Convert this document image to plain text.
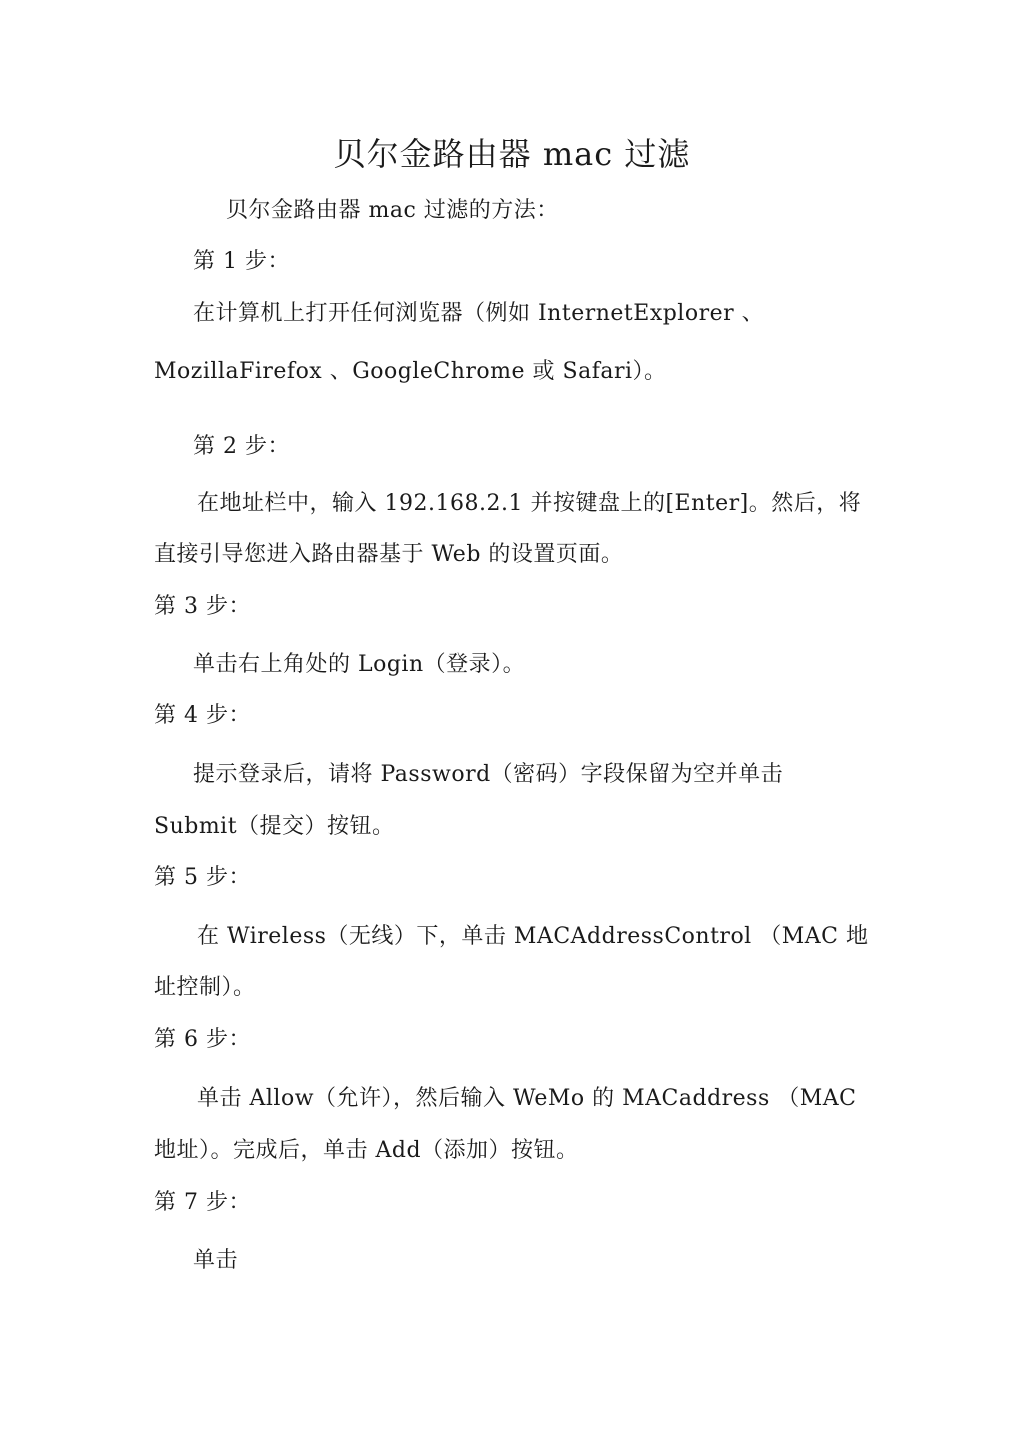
贝尔金路由器 mac 过滤
贝尔金路由器 mac 过滤的方法：
第 1 步：
在计算机上打开任何浏览器（例如 InternetExplorer 、
MozillaFirefox 、GoogleChrome 或 Safari）。
第 2 步：
在地址栏中，输入 192.168.2.1 并按键盘上的[Enter]。然后，将
直接引导您进入路由器基于 Web 的设置页面。
第 3 步：
单击右上角处的 Login（登录）。
第 4 步：
提示登录后，请将 Password（密码）字段保留为空并单击
Submit（提交）按钮。
第 5 步：
在 Wireless（无线）下，单击 MACAddressControl （MAC 地
址控制）。
第 6 步：
单击 Allow（允许），然后输入 WeMo 的 MACaddress （MAC
地址）。完成后，单击 Add（添加）按钮。
第 7 步：
单击
